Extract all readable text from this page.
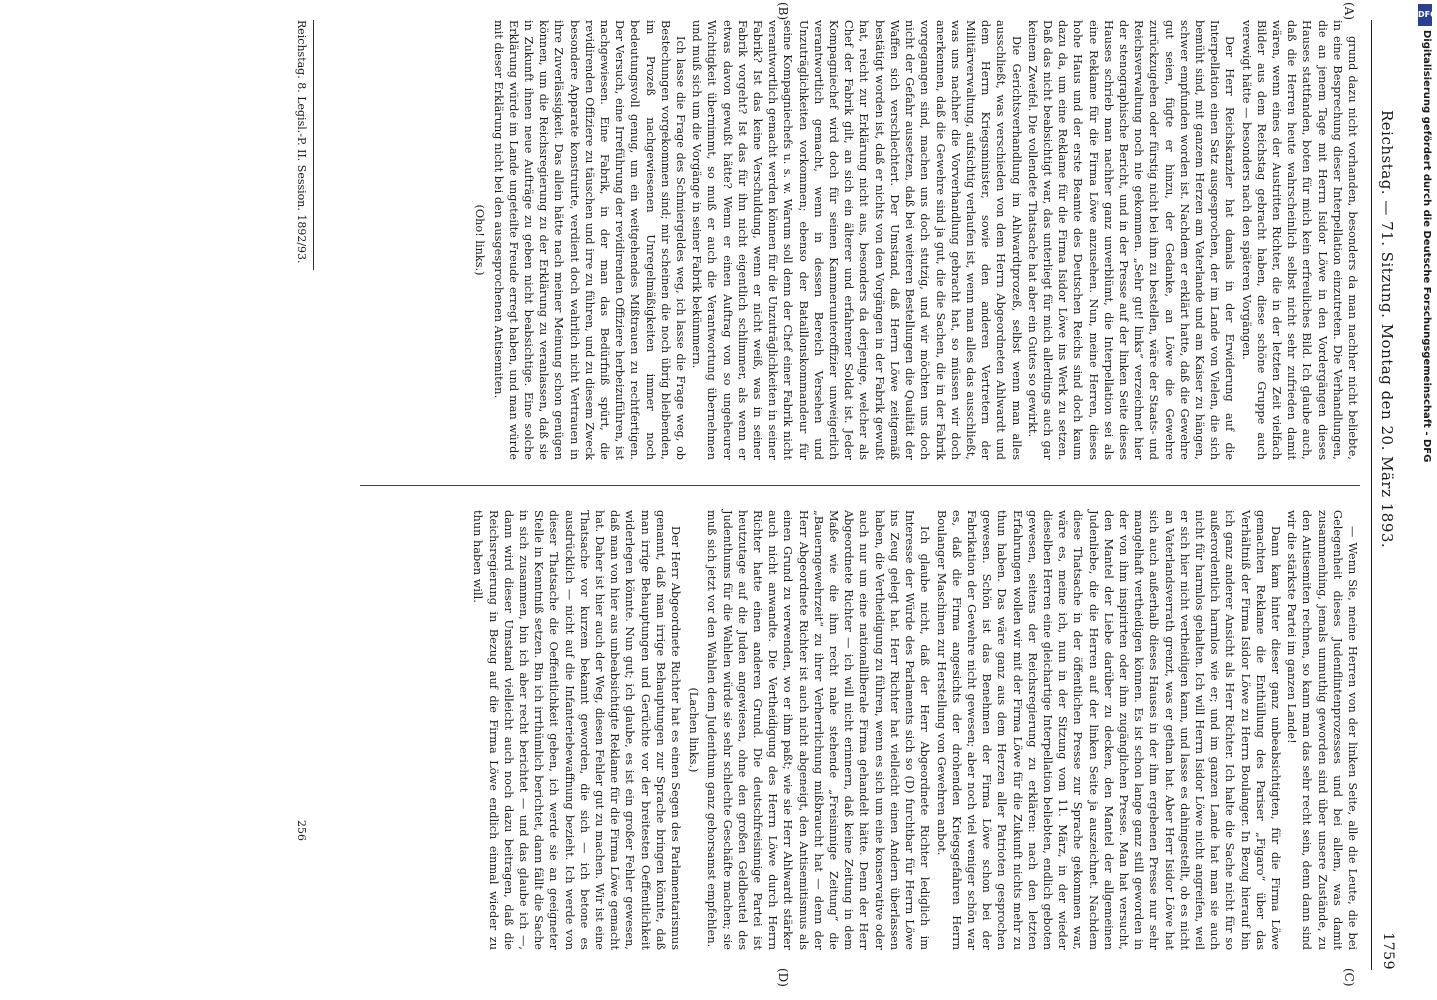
Reichstag. — 71. Sitzung. Montag den 20. März 1893.
1759
(A)
(B)
(C)
(D)

grund dazu nicht vorhanden, besonders da man nachher nicht beliebte, in eine Besprechung dieser Interpellation einzutreten. Die Verhandlungen, die an jenem Tage mit Herrn Isidor Löwe in den Vordergängen dieses Hauses stattfanden, boten für mich kein erfreuliches Bild. Ich glaube auch, daß die Herren heute wahrscheinlich selbst nicht sehr zufrieden damit wären, wenn eines der Austritten Richter, die in der letzten Zeit vielfach Bilder aus dem Reichstag gebracht haben, diese schöne Gruppe auch verewigt hätte — besonders nach den späteren Vorgängen.

Der Herr Reichskanzler hat damals in der Erwiderung auf die Interpellation einen Satz ausgesprochen, der im Lande von Vielen, die sich bemüht sind, mit ganzem Herzen am Vaterlande und am Kaiser zu hängen, schwer empfunden worden ist. Nachdem er erklärt hatte, daß die Gewehre gut seien, fügte er hinzu, der Gedanke, an Löwe die Gewehre zurückzugeben oder fürstig nicht bei ihm zu bestellen, wäre der Staats- und Reichsverwaltung noch nie gekommen. „Sehr gut! links“ verzeichnet hier der stenographische Bericht, und in der Presse auf der linken Seite dieses Hauses schrieb man nachher ganz unverblümt, die Interpellation sei als eine Reklame für die Firma Löwe anzusehen. Nun, meine Herren, dieses hohe Haus und der erste Beamte des Deutschen Reichs sind doch kaum dazu da, um eine Reklame für die Firma Isidor Löwe ins Werk zu setzen. Daß das nicht beabsichtigt war, das unterliegt für mich allerdings auch gar keinem Zweifel. Die vollendete Thatsache hat aber ein Gutes so gewirkt.

Die Gerichtsverhandlung im Ahlwardtprozeß, selbst wenn man alles ausschließt, was verschieden von dem Herrn Abgeordneten Ahlwardt und dem Herrn Kriegsminister, sowie den anderen Vertretern der Militärverwaltung, aufsichtig verlaufen ist, wenn man alles das ausschließt, was uns nachher die Vorverhandlung gebracht hat, so müssen wir doch anerkennen, daß die Gewehre sind ja gut, die die Sachen, die in der Fabrik vorgegangen sind, machen uns doch stutzig, und wir möchten uns doch nicht der Gefahr aussetzen, daß bei weiteren Bestellungen die Qualität der Waffen sich verschlechtert. Der Umstand, daß Herrn Löwe zeitgemäß bestätigt worden ist, daß er nichts von den Vorgängen in der Fabrik gewußt hat, reicht zur Erklärung nicht aus, besonders da derjenige, welcher als Chef der Fabrik gilt, an sich ein älterer und erfahrener Soldat ist. Jeder Kompagniechef wird doch für seinen Kammerunteroffizier unweigerlich verantwortlich gemacht, wenn in dessen Bereich Versehen und Unzuträglichkeiten vorkommen; ebenso der Bataillonskommandeur für seine Kompagniechefs u. s. w. Warum soll denn der Chef einer Fabrik nicht verantwortlich gemacht werden können für die Unzuträglichkeiten in seiner Fabrik? Ist das keine Verschuldung, wenn er nicht weiß, was in seiner Fabrik vorgeht? Ist das für ihn nicht eigentlich schlimmer, als wenn er etwas davon gewußt hätte? Wenn er einen Auftrag von so ungeheurer Wichtigkeit übernimmt, so muß er auch die Verantwortung übernehmen und muß sich um die Vorgänge in seiner Fabrik bekümmern.

Ich lasse die Frage des Schmiergeldes weg, ich lasse die Frage weg, ob Bestechungen vorgekommen sind; mir scheinen die noch übrig bleibenden, im Prozeß nachgewiesenen Unregelmäßigkeiten immer noch bedeutungsvoll genug, um ein weitgehendes Mißtrauen zu rechtfertigen. Der Versuch, eine Irreführung der revidirenden Offiziere herbeizuführen, ist nachgewiesen. Eine Fabrik, in der man das Bedürfniß spürt, die revidirenden Offiziere zu täuschen und irre zu führen, und zu diesem Zweck besondere Apparate konstruirte, verdient doch wahrlich nicht Vertrauen in ihre Zuverlässigkeit. Das allein hätte nach meiner Meinung schon genügen können, um die Reichsregierung zu der Erklärung zu veranlassen, daß sie in Zukunft ihnen neue Aufträge zu geben nicht beabsichtige. Eine solche Erklärung würde im Lande ungeteilte Freude erregt haben, und man würde mit dieser Erklärung nicht bei den ausgesprochenen Antisemiten.

(Oho! links.)

— Wenn Sie, meine Herren von der linken Seite, alle die Leute, die bei Gelegenheit dieses Judenflintenprozesses und bei allem, was damit zusammenhing, jemals unmuthig geworden sind über unsere Zustände, zu den Antisemiten rechnen, so kann man das sehr recht sein, denn dann sind wir die stärkste Partei im ganzen Lande!

Dann kam hinter dieser ganz unbeabsichtigten, für die Firma Löwe gemachten Reklame die Enthüllung des Pariser „Figaro“ über das Verhältniß der Firma Isidor Löwe zu Herrn Boulanger. In Bezug hierauf bin ich ganz anderer Ansicht als Herr Richter. Ich halte die Sache nicht für so außerordentlich harmlos wie er; und im ganzen Lande hat man sie auch nicht für harmlos gehalten. Ich will Herrn Isidor Löwe nicht angreifen, weil er sich hier nicht vertheidigen kann, und lasse es dahingestellt, ob es nicht an Vaterlandsverrath grenzt, was er gethan hat. Aber Herr Isidor Löwe hat sich auch außerhalb dieses Hauses in der ihm ergebenen Presse nur sehr mangelhaft vertheidigen können. Es ist schon lange ganz still geworden in der von ihm inspirirten oder ihm zugänglichen Presse. Man hat versucht, den Mantel der Liebe darüber zu decken, den Mantel der allgemeinen Judenliebe, die die Herren auf der linken Seite ja auszeichnet. Nachdem diese Thatsache in der öffentlichen Presse zur Sprache gekommen war, wäre es, meine ich, nun in der Sitzung vom 11. März, in der wieder dieselben Herren eine gleichartige Interpellation beliebten, endlich geboten gewesen, seitens der Reichsregierung zu erklären: nach den letzten Erfahrungen wollen wir mit der Firma Löwe für die Zukunft nichts mehr zu thun haben. Das wäre ganz aus dem Herzen aller Patrioten gesprochen gewesen. Schön ist das Benehmen der Firma Löwe schon bei der Fabrikation der Gewehre nicht gewesen; aber noch viel weniger schön war es, daß die Firma angesichts der drohenden Kriegsgefahren Herrn Boulanger Maschinen zur Herstellung von Gewehren anbot.

Ich glaube nicht, daß der Herr Abgeordnete Richter lediglich im Interesse der Würde des Parlaments sich so (D) furchtbar für Herrn Löwe ins Zeug gelegt hat. Herr Richter hat vielleicht einen Andern überlassen haben, die Vertheidigung zu führen, wenn es sich um eine konservative oder auch nur um eine nationalliberale Firma gehandelt hätte. Denn der Herr Abgeordnete Richter — ich will nicht erinnern, daß keine Zeitung in dem Maße wie die ihm recht nahe stehende „Freisinnige Zeitung“ die „Bauerngewehrzeit“ zu ihrer Verherrlichung mißbraucht hat — denn der Herr Abgeordnete Richter ist auch nicht abgeneigt, den Antisemitismus als einen Grund zu verwenden, wo er ihm paßt; wie sie Herr Ahlwardt stärker auch nicht anwandte. Die Vertheidigung des Herrn Löwe durch Herrn Richter hatte einen anderen Grund. Die deutschfreisinnige Partei ist heutzutage auf die Juden angewiesen, ohne den großen Geldbeutel des Judenthums für die Wahlen würde sie sehr schlechte Geschäfte machen; sie muß sich jetzt vor den Wahlen dem Judenthum ganz gehorsamst empfehlen.

(Lachen links.)

Der Herr Abgeordnete Richter hat es einen Segen des Parlamentarismus genannt, daß man irrige Behauptungen zur Sprache bringen könnte, daß man irrige Behauptungen und Gerüchte vor der breitesten Oeffentlichkeit widerlegen könnte. Nun gut; ich glaube, es ist ein großer Fehler gewesen, daß man von hier aus unbeabsichtigte Reklame für die Firma Löwe gemacht hat. Daher ist hier auch der Weg, diesen Fehler gut zu machen. Wir ist eine Thatsache vor kurzem bekannt geworden, die sich — ich betone es ausdrücklich — nicht auf die Infanteriebewaffnung bezieht. Ich werde von dieser Thatsache die Oeffentlichkeit geben, ich werde sie an geeigneter Stelle in Kenntniß setzen. Bin ich irrthümlich berichtet, dann fällt die Sache in sich zusammen, bin ich aber recht berichtet — und das glaube ich —, dann wird dieser Umstand vielleicht auch noch dazu beitragen, daß die Reichsregierung in Bezug auf die Firma Löwe endlich einmal wieder zu thun haben will.

Reichstag. 8. Legisl.-P. II. Session. 1892/93.
256
DFG
Digitalisierung gefördert durch die Deutsche Forschungsgemeinschaft - DFG
